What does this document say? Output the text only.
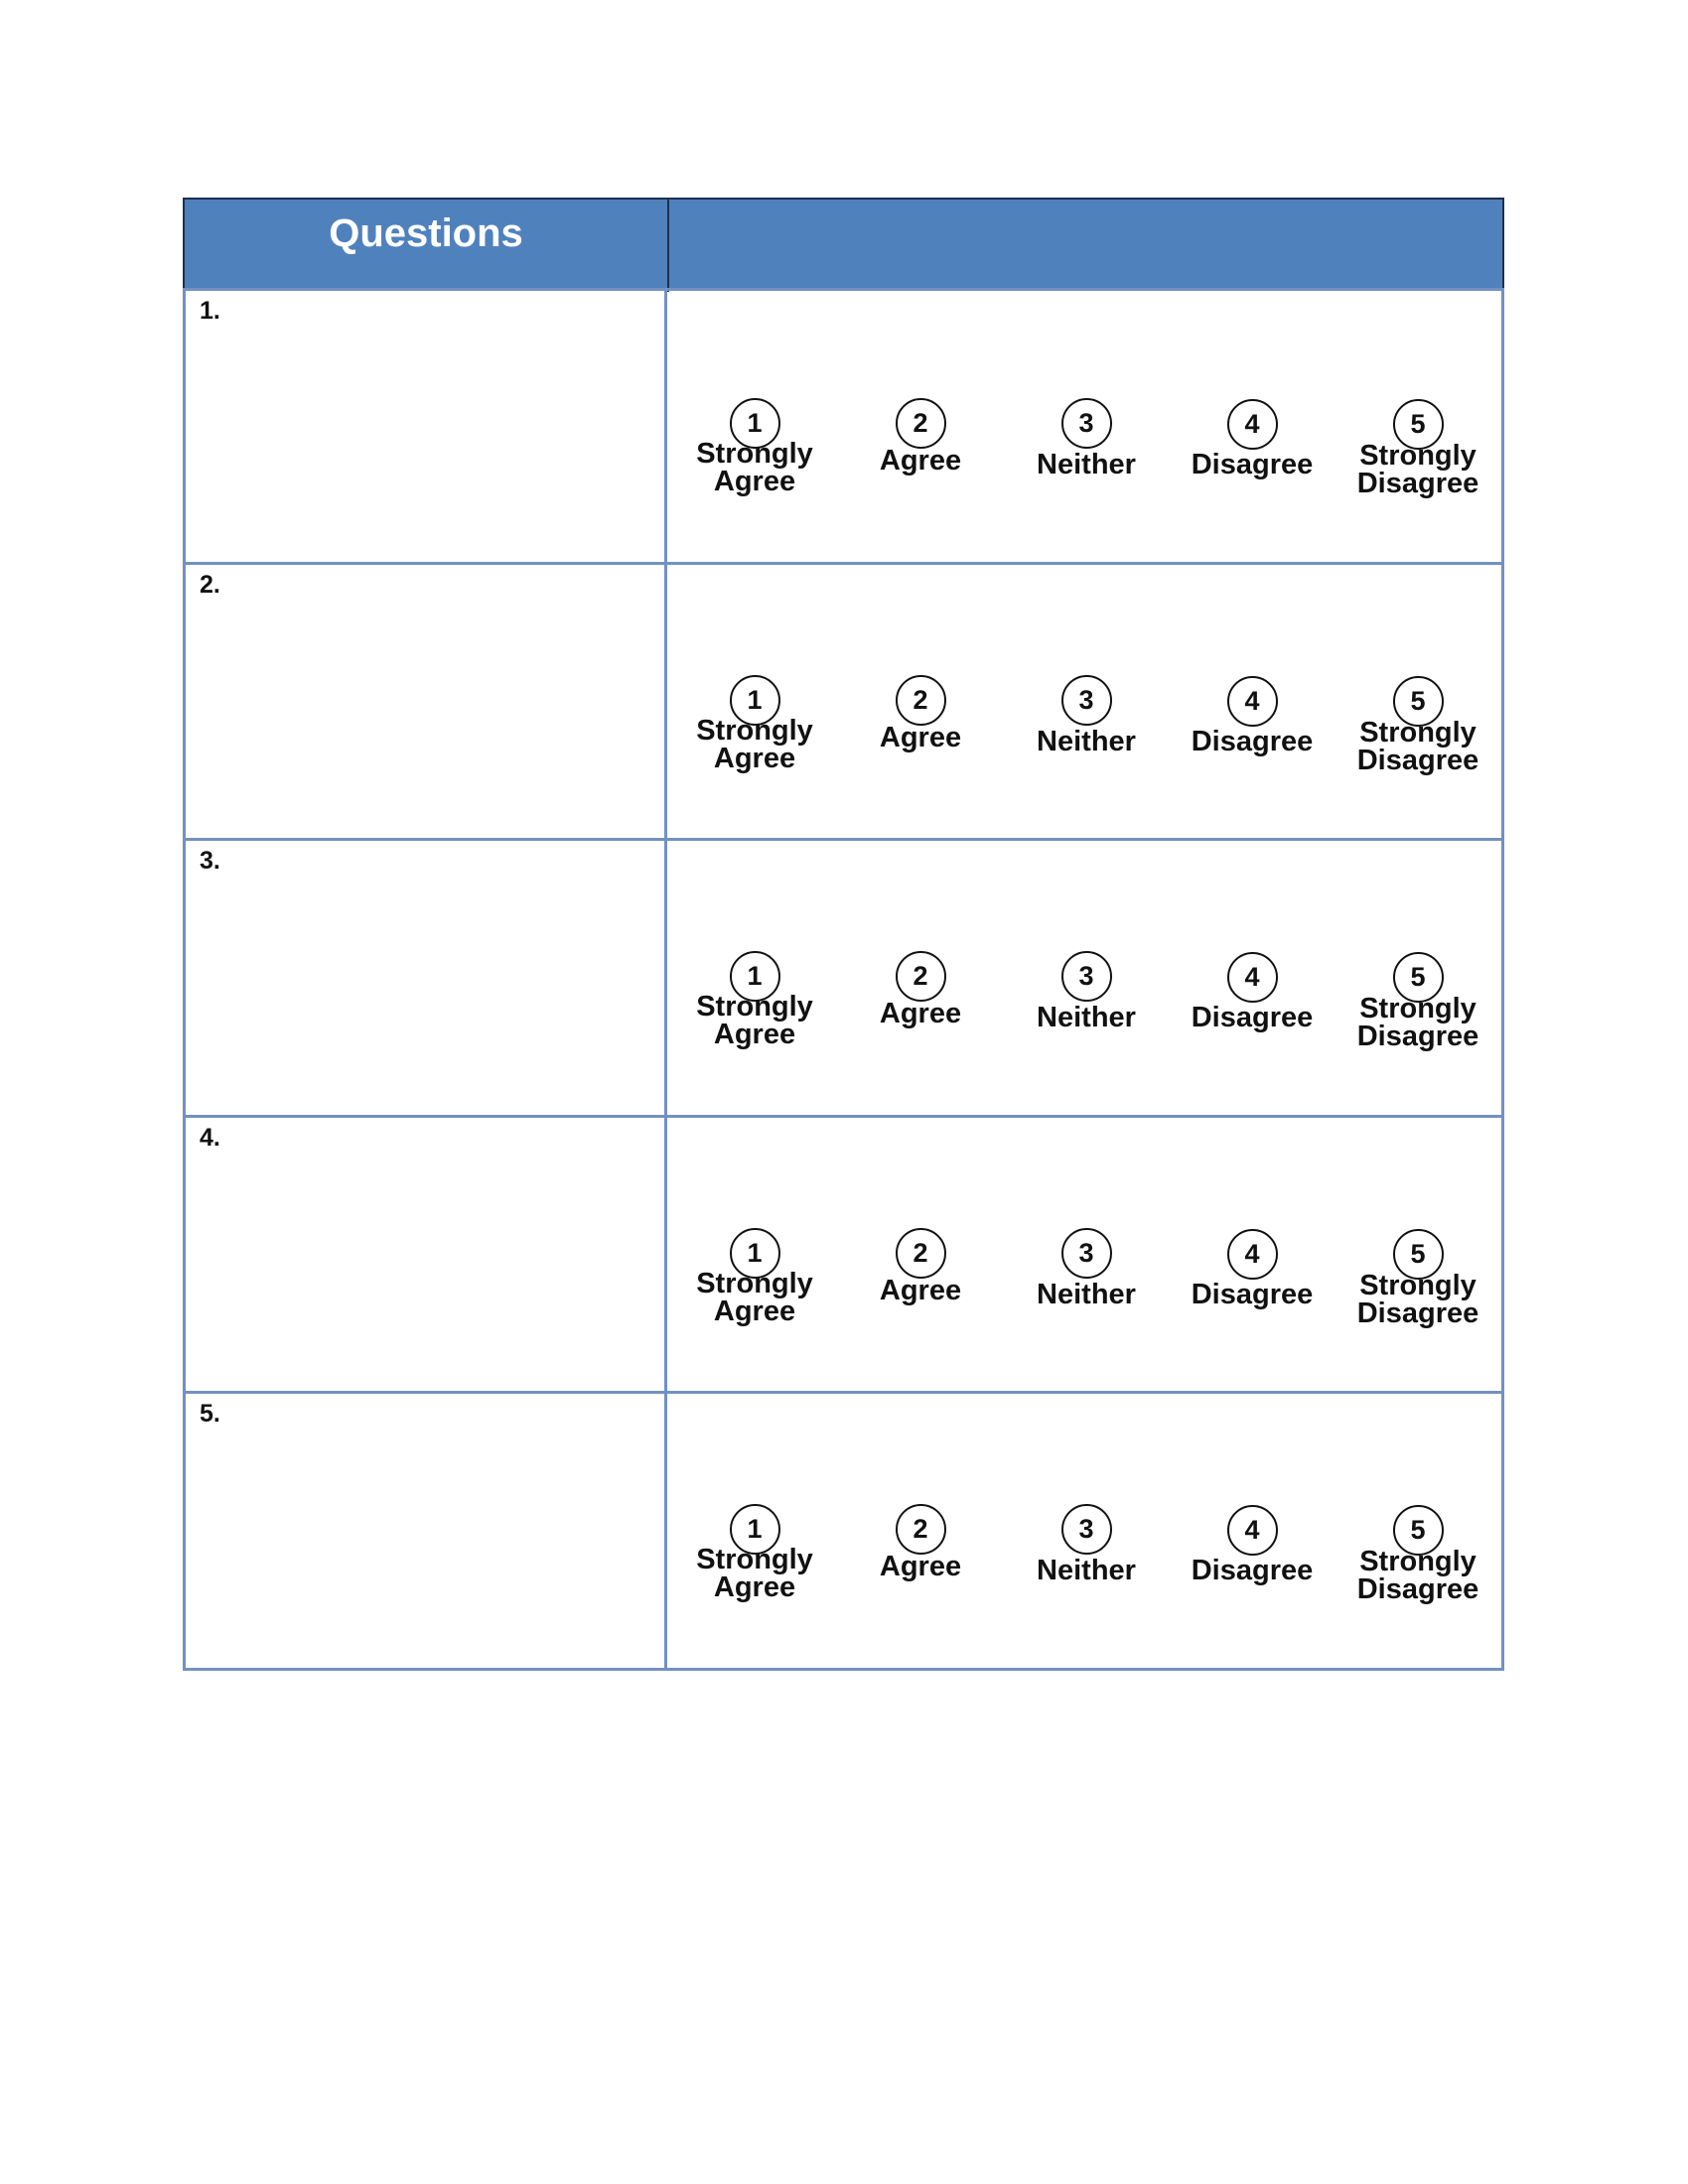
Questions
1.
1
Strongly
Agree
2
Agree
3
Neither
4
Disagree
5
Strongly
Disagree
2.
1
Strongly
Agree
2
Agree
3
Neither
4
Disagree
5
Strongly
Disagree
3.
1
Strongly
Agree
2
Agree
3
Neither
4
Disagree
5
Strongly
Disagree
4.
1
Strongly
Agree
2
Agree
3
Neither
4
Disagree
5
Strongly
Disagree
5.
1
Strongly
Agree
2
Agree
3
Neither
4
Disagree
5
Strongly
Disagree
